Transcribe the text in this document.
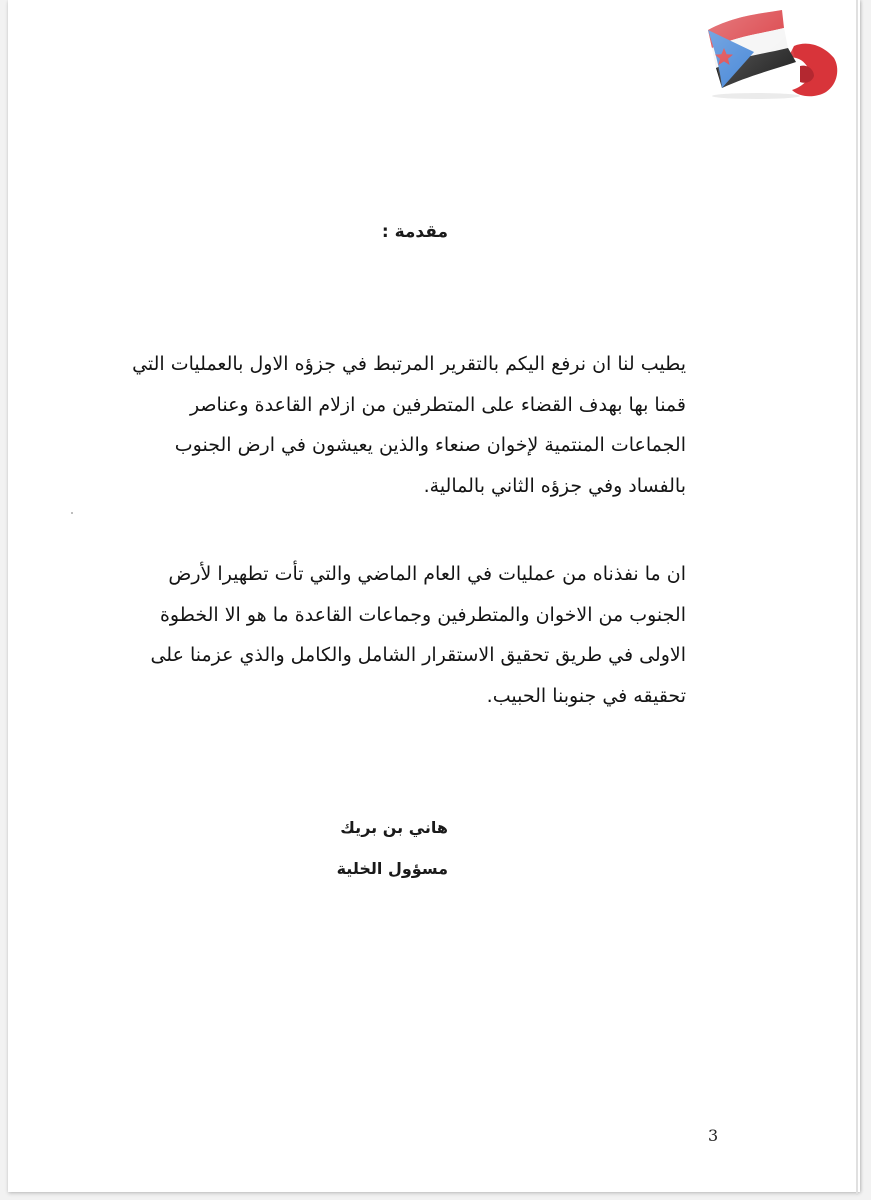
مقدمة :
يطيب لنا ان نرفع اليكم بالتقرير المرتبط في جزؤه الاول بالعمليات التي
قمنا بها بهدف القضاء على المتطرفين من ازلام القاعدة وعناصر
الجماعات المنتمية لإخوان صنعاء والذين يعيشون في ارض الجنوب
بالفساد وفي جزؤه الثاني بالمالية.
ان ما نفذناه من عمليات في العام الماضي والتي تأت تطهيرا لأرض
الجنوب من الاخوان والمتطرفين وجماعات القاعدة ما هو الا الخطوة
الاولى في طريق تحقيق الاستقرار الشامل والكامل والذي عزمنا على
تحقيقه في جنوبنا الحبيب.
هاني بن بريك
مسؤول الخلية
3
